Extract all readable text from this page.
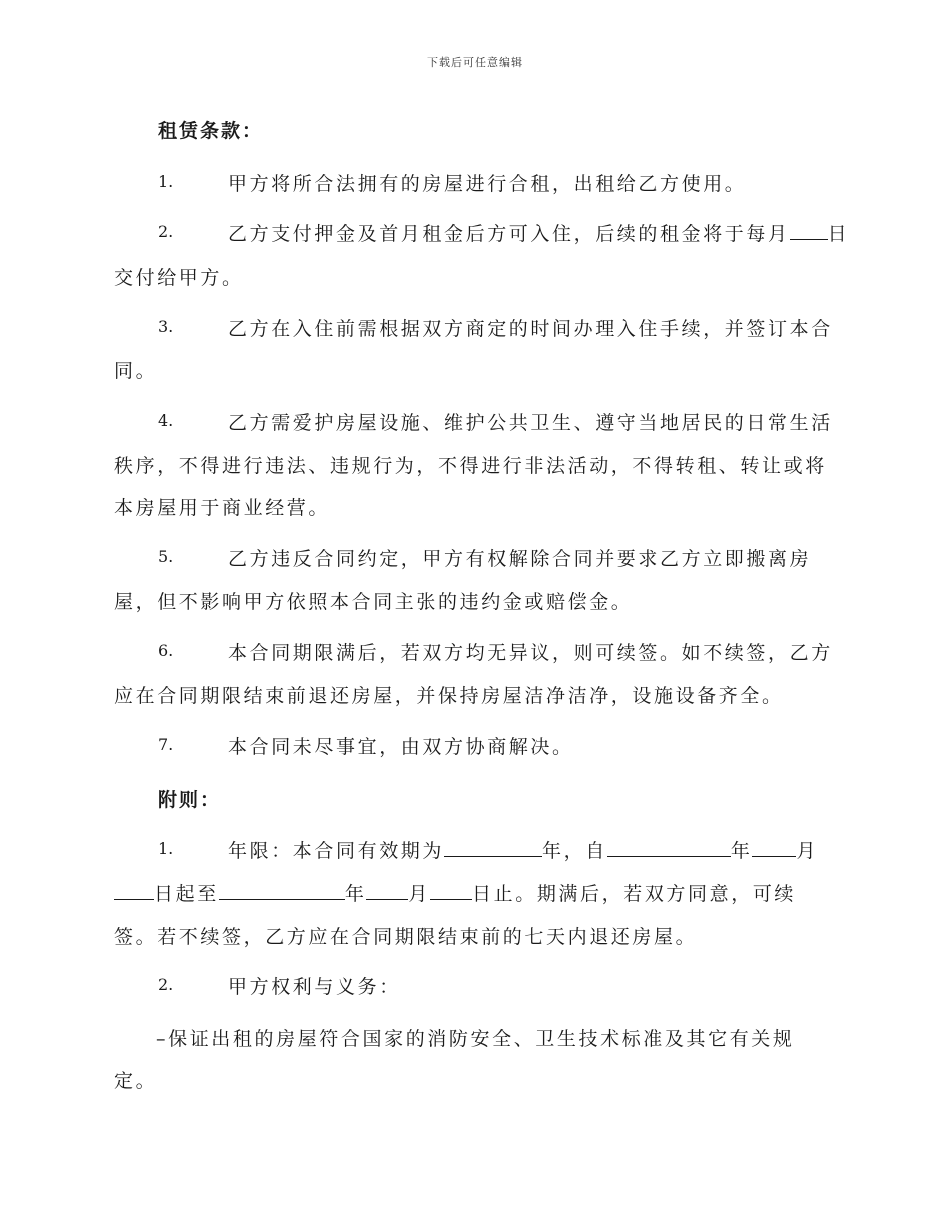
下载后可任意编辑
租赁条款：
1.	甲方将所合法拥有的房屋进行合租，出租给乙方使用。
2.	乙方支付押金及首月租金后方可入住，后续的租金将于每月 日
交付给甲方。
3.	乙方在入住前需根据双方商定的时间办理入住手续，并签订本合
同。
4.	乙方需爱护房屋设施、维护公共卫生、遵守当地居民的日常生活
秩序，不得进行违法、违规行为，不得进行非法活动，不得转租、转让或将
本房屋用于商业经营。
5.	乙方违反合同约定，甲方有权解除合同并要求乙方立即搬离房
屋，但不影响甲方依照本合同主张的违约金或赔偿金。
6.	本合同期限满后，若双方均无异议，则可续签。如不续签，乙方
应在合同期限结束前退还房屋，并保持房屋洁净洁净，设施设备齐全。
7.	本合同未尽事宜，由双方协商解决。
附则：
1.	年限：本合同有效期为	年，自	年 月
日起至	年 月 日止。期满后，若双方同意，可续
签。若不续签，乙方应在合同期限结束前的七天内退还房屋。
2.	甲方权利与义务：
–保证出租的房屋符合国家的消防安全、卫生技术标准及其它有关规
定。
